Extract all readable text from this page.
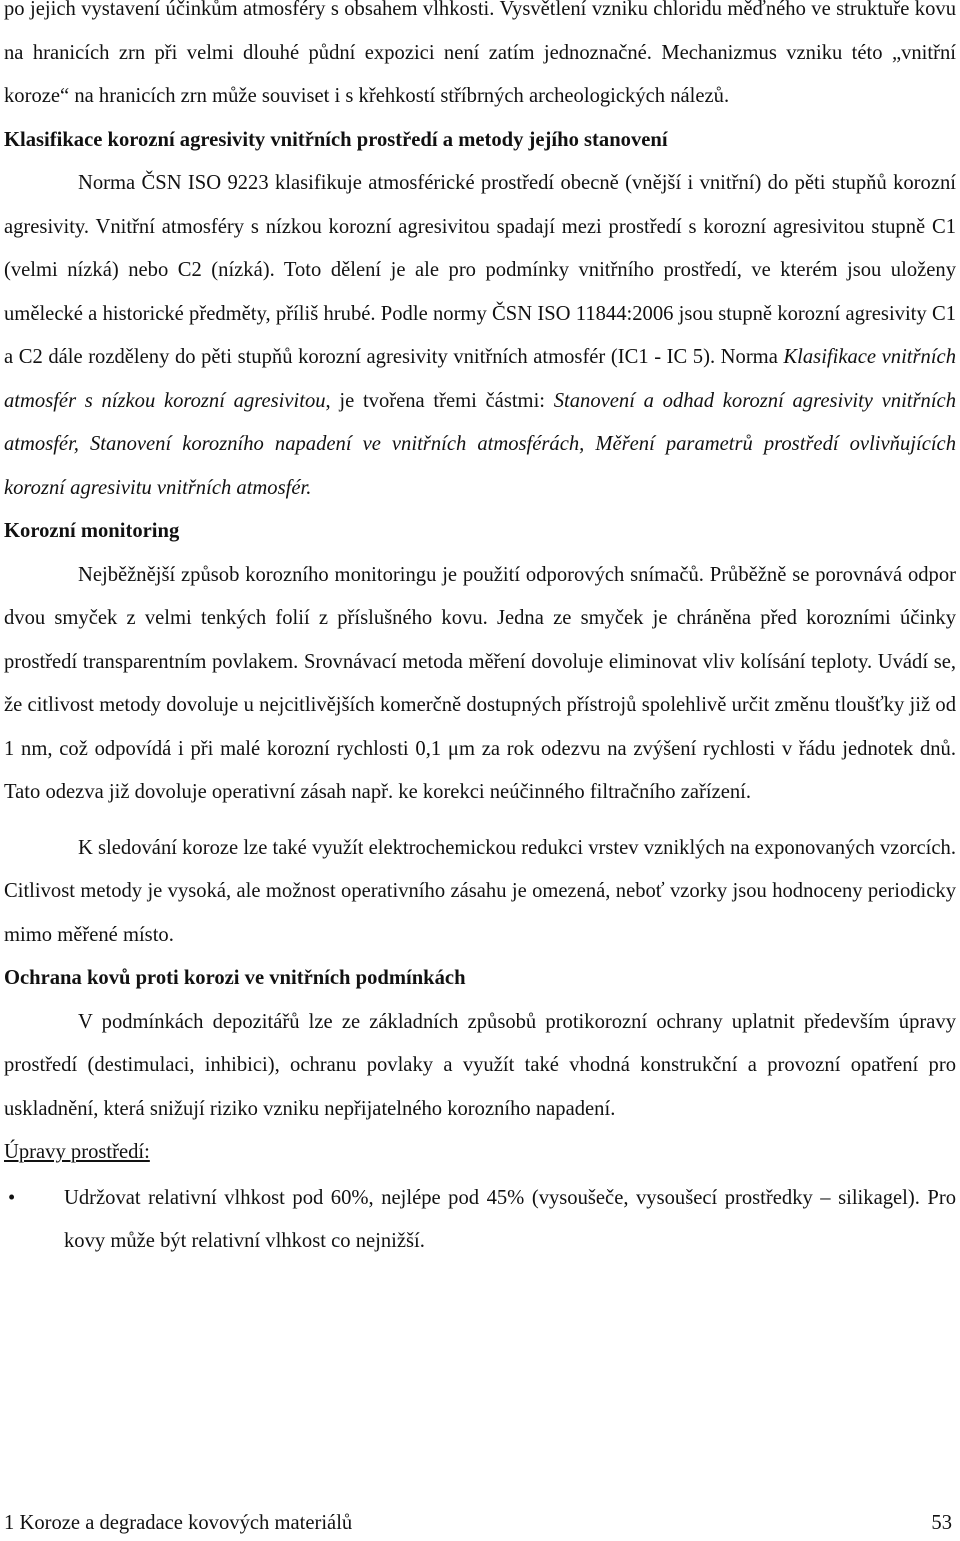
po jejich vystavení účinkům atmosféry s obsahem vlhkosti. Vysvětlení vzniku chloridu měďného ve struktuře kovu na hranicích zrn při velmi dlouhé půdní expozici není zatím jednoznačné. Mechanizmus vzniku této „vnitřní koroze“ na hranicích zrn může souviset i s křehkostí stříbrných archeologických nálezů.

Klasifikace korozní agresivity vnitřních prostředí a metody jejího stanovení

Norma ČSN ISO 9223 klasifikuje atmosférické prostředí obecně (vnější i vnitřní) do pěti stupňů korozní agresivity. Vnitřní atmosféry s nízkou korozní agresivitou spadají mezi prostředí s korozní agresivitou stupně C1 (velmi nízká) nebo C2 (nízká). Toto dělení je ale pro podmínky vnitřního prostředí, ve kterém jsou uloženy umělecké a historické předměty, příliš hrubé. Podle normy ČSN ISO 11844:2006 jsou stupně korozní agresivity C1 a C2 dále rozděleny do pěti stupňů korozní agresivity vnitřních atmosfér (IC1 - IC 5). Norma Klasifikace vnitřních atmosfér s nízkou korozní agresivitou, je tvořena třemi částmi: Stanovení a odhad korozní agresivity vnitřních atmosfér, Stanovení korozního napadení ve vnitřních atmosférách, Měření parametrů prostředí ovlivňujících korozní agresivitu vnitřních atmosfér.

Korozní monitoring

Nejběžnější způsob korozního monitoringu je použití odporových snímačů. Průběžně se porovnává odpor dvou smyček z velmi tenkých folií z příslušného kovu. Jedna ze smyček je chráněna před korozními účinky prostředí transparentním povlakem. Srovnávací metoda měření dovoluje eliminovat vliv kolísání teploty. Uvádí se, že citlivost metody dovoluje u nejcitlivějších komerčně dostupných přístrojů spolehlivě určit změnu tloušťky již od 1 nm, což odpovídá i při malé korozní rychlosti 0,1 μm za rok odezvu na zvýšení rychlosti v řádu jednotek dnů. Tato odezva již dovoluje operativní zásah např. ke korekci neúčinného filtračního zařízení.

K sledování koroze lze také využít elektrochemickou redukci vrstev vzniklých na exponovaných vzorcích. Citlivost metody je vysoká, ale možnost operativního zásahu je omezená, neboť vzorky jsou hodnoceny periodicky mimo měřené místo.

Ochrana kovů proti korozi ve vnitřních podmínkách

V podmínkách depozitářů lze ze základních způsobů protikorozní ochrany uplatnit především úpravy prostředí (destimulaci, inhibici), ochranu povlaky a využít také vhodná konstrukční a provozní opatření pro uskladnění, která snižují riziko vzniku nepřijatelného korozního napadení.

Úpravy prostředí:

• Udržovat relativní vlhkost pod 60%, nejlépe pod 45% (vysoušeče, vysoušecí prostředky – silikagel). Pro kovy může být relativní vlhkost co nejnižší.
1 Koroze a degradace kovových materiálů	53
